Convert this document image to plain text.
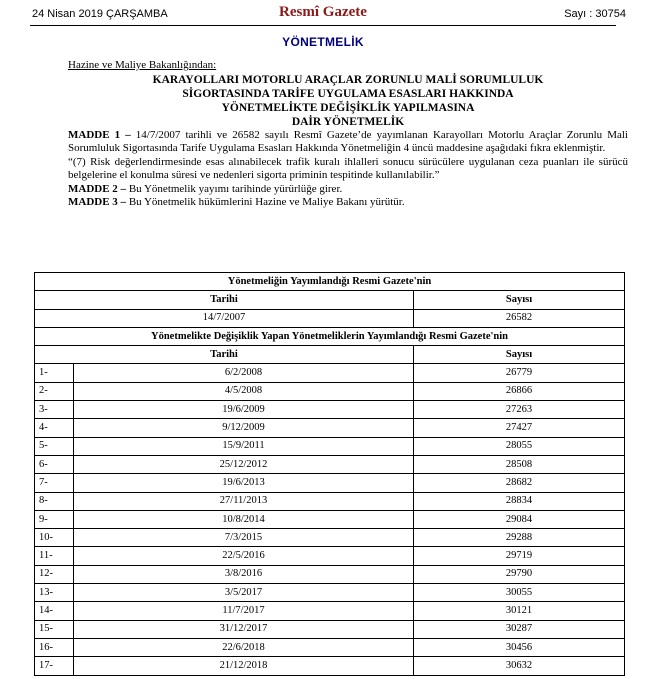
24 Nisan 2019 ÇARŞAMBA	Resmî Gazete	Sayı : 30754
YÖNETMELİK
Hazine ve Maliye Bakanlığından:
KARAYOLLARI MOTORLU ARAÇLAR ZORUNLU MALİ SORUMLULUK
SİGORTASINDA TARİFE UYGULAMA ESASLARI HAKKINDA
YÖNETMELİKTE DEĞİŞİKLİK YAPILMASINA
DAİR YÖNETMELİK

MADDE 1 – 14/7/2007 tarihli ve 26582 sayılı Resmî Gazete’de yayımlanan Karayolları Motorlu Araçlar Zorunlu Mali Sorumluluk Sigortasında Tarife Uygulama Esasları Hakkında Yönetmeliğin 4 üncü maddesine aşağıdaki fıkra eklenmiştir.

“(7) Risk değerlendirmesinde esas alınabilecek trafik kuralı ihlalleri sonucu sürücülere uygulanan ceza puanları ile sürücü belgelerine el konulma süresi ve nedenleri sigorta priminin tespitinde kullanılabilir.”

MADDE 2 – Bu Yönetmelik yayımı tarihinde yürürlüğe girer.

MADDE 3 – Bu Yönetmelik hükümlerini Hazine ve Maliye Bakanı yürütür.

Yönetmeliğin Yayımlandığı Resmi Gazete'nin		
Tarihi		Sayısı
14/7/2007		26582
Yönetmelikte Değişiklik Yapan Yönetmeliklerin Yayımlandığı Resmi Gazete'nin		
Tarihi		Sayısı
1-	6/2/2008	26779
2-	4/5/2008	26866
3-	19/6/2009	27263
4-	9/12/2009	27427
5-	15/9/2011	28055
6-	25/12/2012	28508
7-	19/6/2013	28682
8-	27/11/2013	28834
9-	10/8/2014	29084
10-	7/3/2015	29288
11-	22/5/2016	29719
12-	3/8/2016	29790
13-	3/5/2017	30055
14-	11/7/2017	30121
15-	31/12/2017	30287
16-	22/6/2018	30456
17-	21/12/2018	30632
